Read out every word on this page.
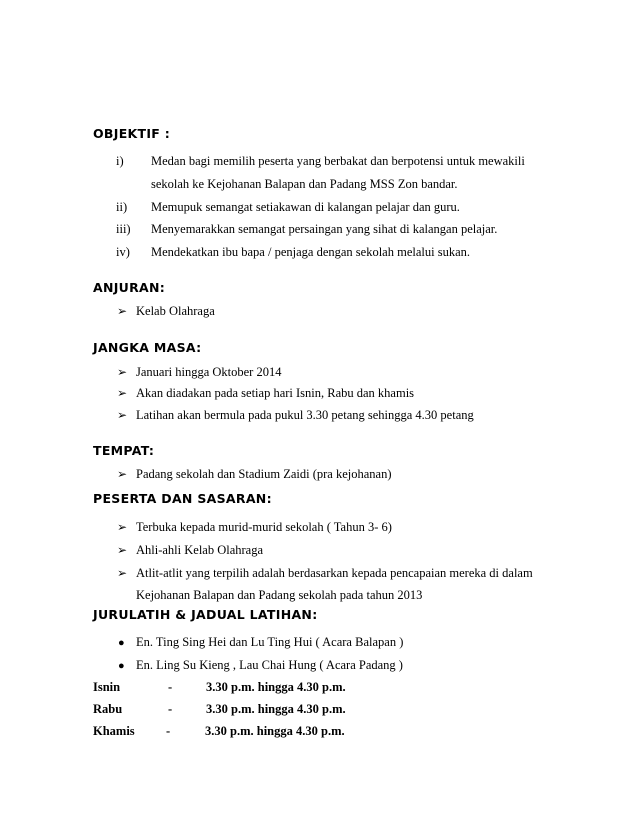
OBJEKTIF :
i) Medan bagi memilih peserta yang berbakat dan berpotensi untuk mewakili
sekolah ke Kejohanan Balapan dan Padang MSS Zon bandar.
ii) Memupuk semangat setiakawan di kalangan pelajar dan guru.
iii) Menyemarakkan semangat persaingan yang sihat di kalangan pelajar.
iv) Mendekatkan ibu bapa / penjaga dengan sekolah melalui sukan.
ANJURAN:
➢ Kelab Olahraga
JANGKA MASA:
➢ Januari hingga Oktober 2014
➢ Akan diadakan pada setiap hari Isnin, Rabu dan khamis
➢ Latihan akan bermula pada pukul 3.30 petang sehingga 4.30 petang
TEMPAT:
➢ Padang sekolah dan Stadium Zaidi (pra kejohanan)
PESERTA DAN SASARAN:
➢ Terbuka kepada murid-murid sekolah ( Tahun 3- 6)
➢ Ahli-ahli Kelab Olahraga
➢ Atlit-atlit yang terpilih adalah berdasarkan kepada pencapaian mereka di dalam
Kejohanan Balapan dan Padang sekolah pada tahun 2013
JURULATIH & JADUAL LATIHAN:
● En. Ting Sing Hei dan Lu Ting Hui ( Acara Balapan )
● En. Ling Su Kieng , Lau Chai Hung ( Acara Padang )
Isnin	-	3.30 p.m. hingga 4.30 p.m.
Rabu	-	3.30 p.m. hingga 4.30 p.m.
Khamis	-	3.30 p.m. hingga 4.30 p.m.
